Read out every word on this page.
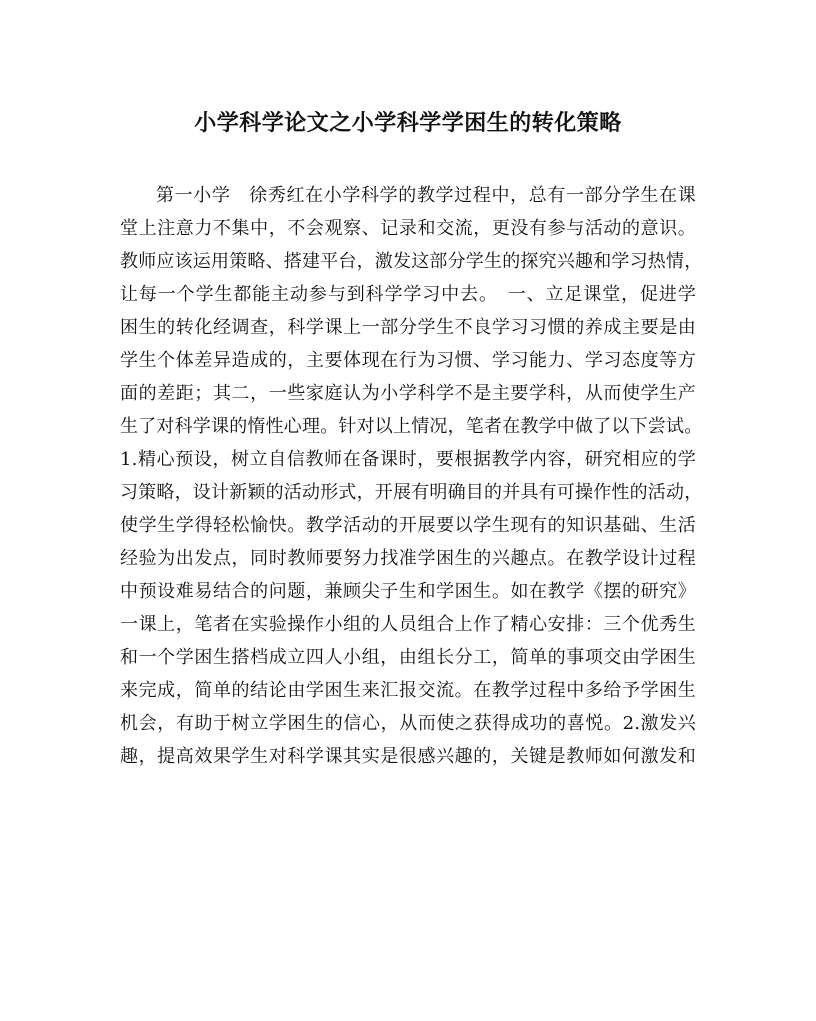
小学科学论文之小学科学学困生的转化策略
第一小学　徐秀红在小学科学的教学过程中，总有一部分学生在课
堂上注意力不集中，不会观察、记录和交流，更没有参与活动的意识。
教师应该运用策略、搭建平台，激发这部分学生的探究兴趣和学习热情，
让每一个学生都能主动参与到科学学习中去。　一、立足课堂，促进学
困生的转化经调查，科学课上一部分学生不良学习习惯的养成主要是由
学生个体差异造成的，主要体现在行为习惯、学习能力、学习态度等方
面的差距；其二，一些家庭认为小学科学不是主要学科，从而使学生产
生了对科学课的惰性心理。针对以上情况，笔者在教学中做了以下尝试。
1.精心预设，树立自信教师在备课时，要根据教学内容，研究相应的学
习策略，设计新颖的活动形式，开展有明确目的并具有可操作性的活动，
使学生学得轻松愉快。教学活动的开展要以学生现有的知识基础、生活
经验为出发点，同时教师要努力找准学困生的兴趣点。在教学设计过程
中预设难易结合的问题，兼顾尖子生和学困生。如在教学《摆的研究》
一课上，笔者在实验操作小组的人员组合上作了精心安排：三个优秀生
和一个学困生搭档成立四人小组，由组长分工，简单的事项交由学困生
来完成，简单的结论由学困生来汇报交流。在教学过程中多给予学困生
机会，有助于树立学困生的信心，从而使之获得成功的喜悦。2.激发兴
趣，提高效果学生对科学课其实是很感兴趣的，关键是教师如何激发和
